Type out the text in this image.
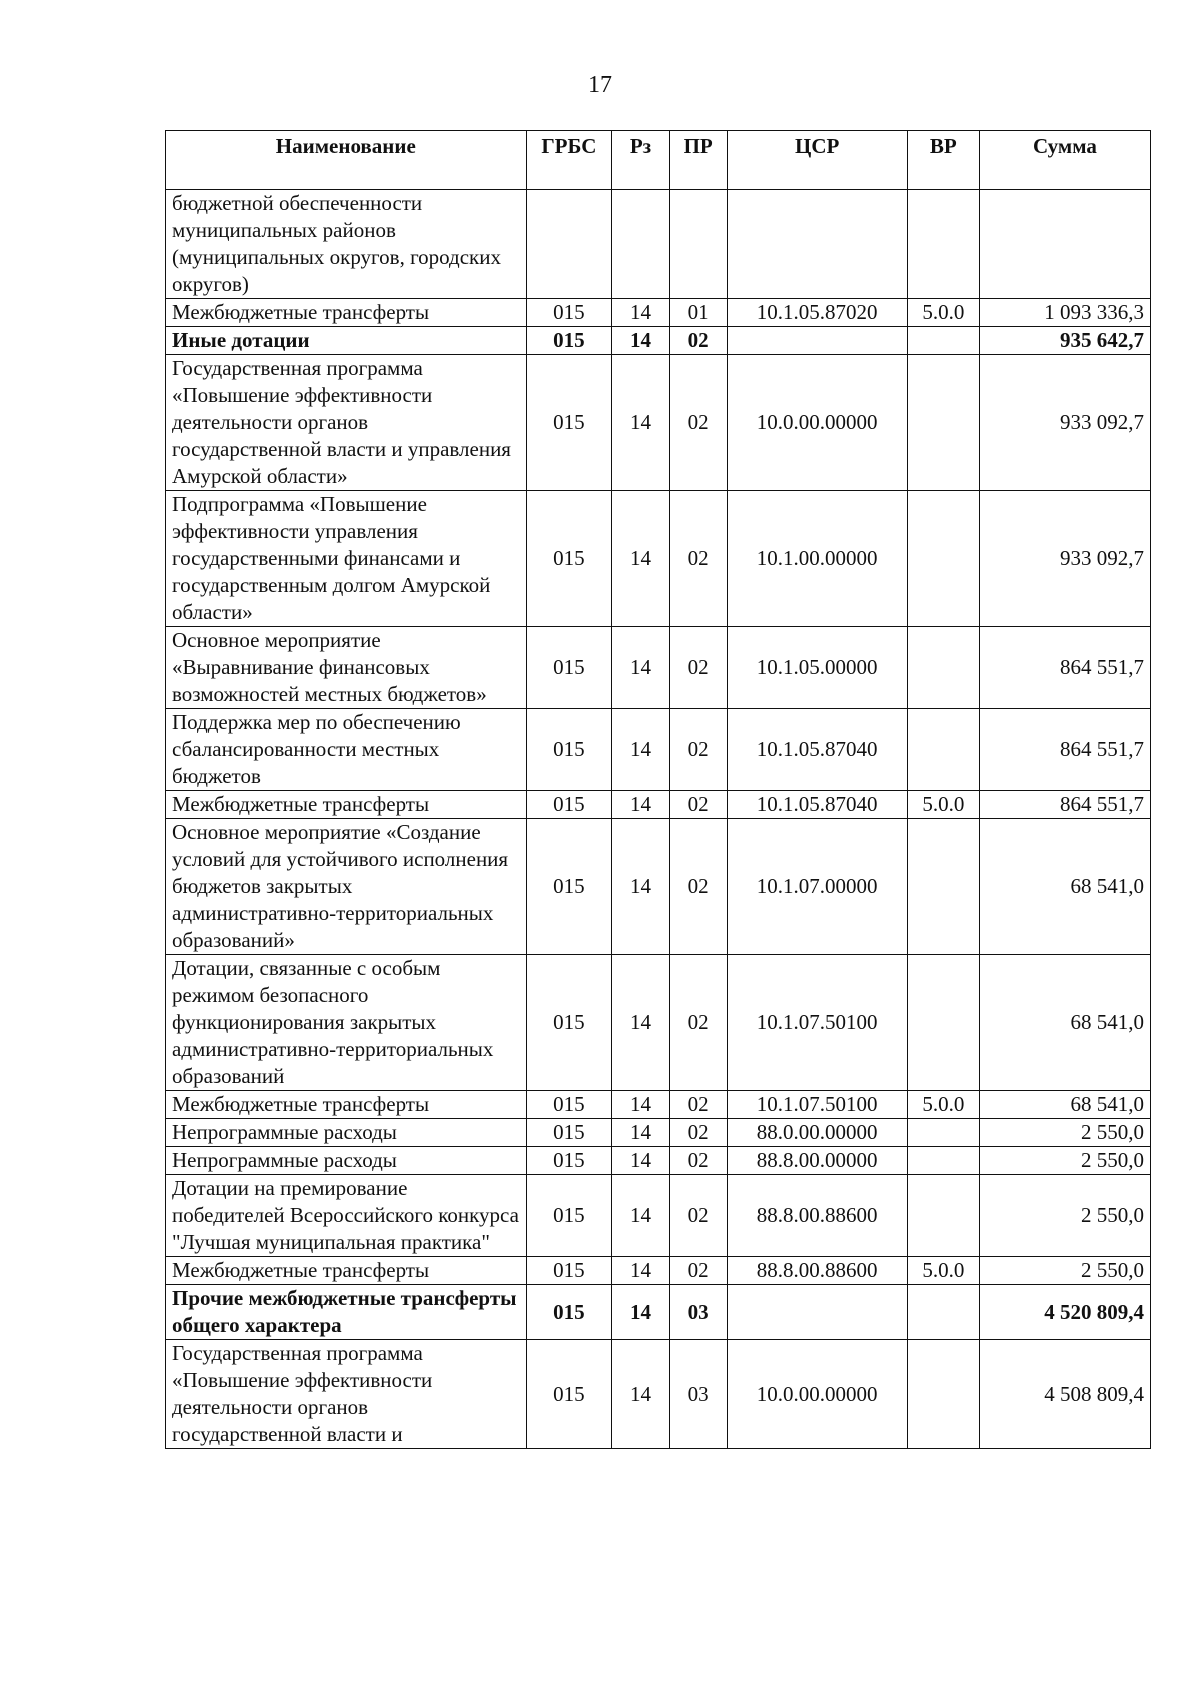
17
Наименование	ГРБС	Рз	ПР	ЦСР	ВР	Сумма
бюджетной обеспеченности муниципальных районов (муниципальных округов, городских округов)						
Межбюджетные трансферты	015	14	01	10.1.05.87020	5.0.0	1 093 336,3
Иные дотации	015	14	02			935 642,7
Государственная программа «Повышение эффективности деятельности органов государственной власти и управления Амурской области»	015	14	02	10.0.00.00000		933 092,7
Подпрограмма «Повышение эффективности управления государственными финансами и государственным долгом Амурской области»	015	14	02	10.1.00.00000		933 092,7
Основное мероприятие «Выравнивание финансовых возможностей местных бюджетов»	015	14	02	10.1.05.00000		864 551,7
Поддержка мер по обеспечению сбалансированности местных бюджетов	015	14	02	10.1.05.87040		864 551,7
Межбюджетные трансферты	015	14	02	10.1.05.87040	5.0.0	864 551,7
Основное мероприятие «Создание условий для устойчивого исполнения бюджетов закрытых административно-территориальных образований»	015	14	02	10.1.07.00000		68 541,0
Дотации, связанные с особым режимом безопасного функционирования закрытых административно-территориальных образований	015	14	02	10.1.07.50100		68 541,0
Межбюджетные трансферты	015	14	02	10.1.07.50100	5.0.0	68 541,0
Непрограммные расходы	015	14	02	88.0.00.00000		2 550,0
Непрограммные расходы	015	14	02	88.8.00.00000		2 550,0
Дотации на премирование победителей Всероссийского конкурса "Лучшая муниципальная практика"	015	14	02	88.8.00.88600		2 550,0
Межбюджетные трансферты	015	14	02	88.8.00.88600	5.0.0	2 550,0
Прочие межбюджетные трансферты общего характера	015	14	03			4 520 809,4
Государственная программа «Повышение эффективности деятельности органов государственной власти и	015	14	03	10.0.00.00000		4 508 809,4
